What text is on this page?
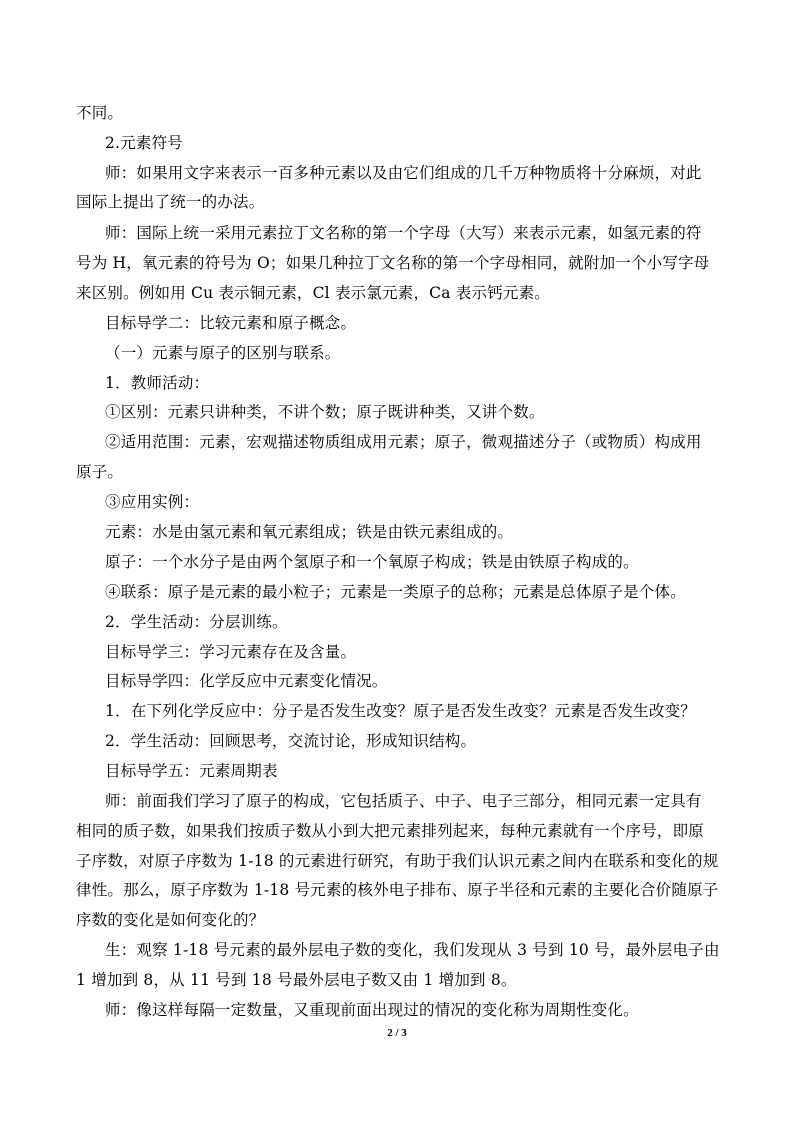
不同。
2.元素符号
师：如果用文字来表示一百多种元素以及由它们组成的几千万种物质将十分麻烦，对此
国际上提出了统一的办法。
师：国际上统一采用元素拉丁文名称的第一个字母（大写）来表示元素，如氢元素的符
号为 H，氧元素的符号为 O；如果几种拉丁文名称的第一个字母相同，就附加一个小写字母
来区别。例如用 Cu 表示铜元素，Cl 表示氯元素，Ca 表示钙元素。
目标导学二：比较元素和原子概念。
（一）元素与原子的区别与联系。
1．教师活动：
①区别：元素只讲种类，不讲个数；原子既讲种类，又讲个数。
②适用范围：元素，宏观描述物质组成用元素；原子，微观描述分子（或物质）构成用
原子。
③应用实例：
元素：水是由氢元素和氧元素组成；铁是由铁元素组成的。
原子：一个水分子是由两个氢原子和一个氧原子构成；铁是由铁原子构成的。
④联系：原子是元素的最小粒子；元素是一类原子的总称；元素是总体原子是个体。
2．学生活动：分层训练。
目标导学三：学习元素存在及含量。
目标导学四：化学反应中元素变化情况。
1．在下列化学反应中：分子是否发生改变？原子是否发生改变？元素是否发生改变？
2．学生活动：回顾思考，交流讨论，形成知识结构。
目标导学五：元素周期表
师：前面我们学习了原子的构成，它包括质子、中子、电子三部分，相同元素一定具有
相同的质子数，如果我们按质子数从小到大把元素排列起来，每种元素就有一个序号，即原
子序数，对原子序数为 1-18 的元素进行研究，有助于我们认识元素之间内在联系和变化的规
律性。那么，原子序数为 1-18 号元素的核外电子排布、原子半径和元素的主要化合价随原子
序数的变化是如何变化的？
生：观察 1-18 号元素的最外层电子数的变化，我们发现从 3 号到 10 号，最外层电子由
1 增加到 8，从 11 号到 18 号最外层电子数又由 1 增加到 8。
师：像这样每隔一定数量，又重现前面出现过的情况的变化称为周期性变化。
2 / 3
